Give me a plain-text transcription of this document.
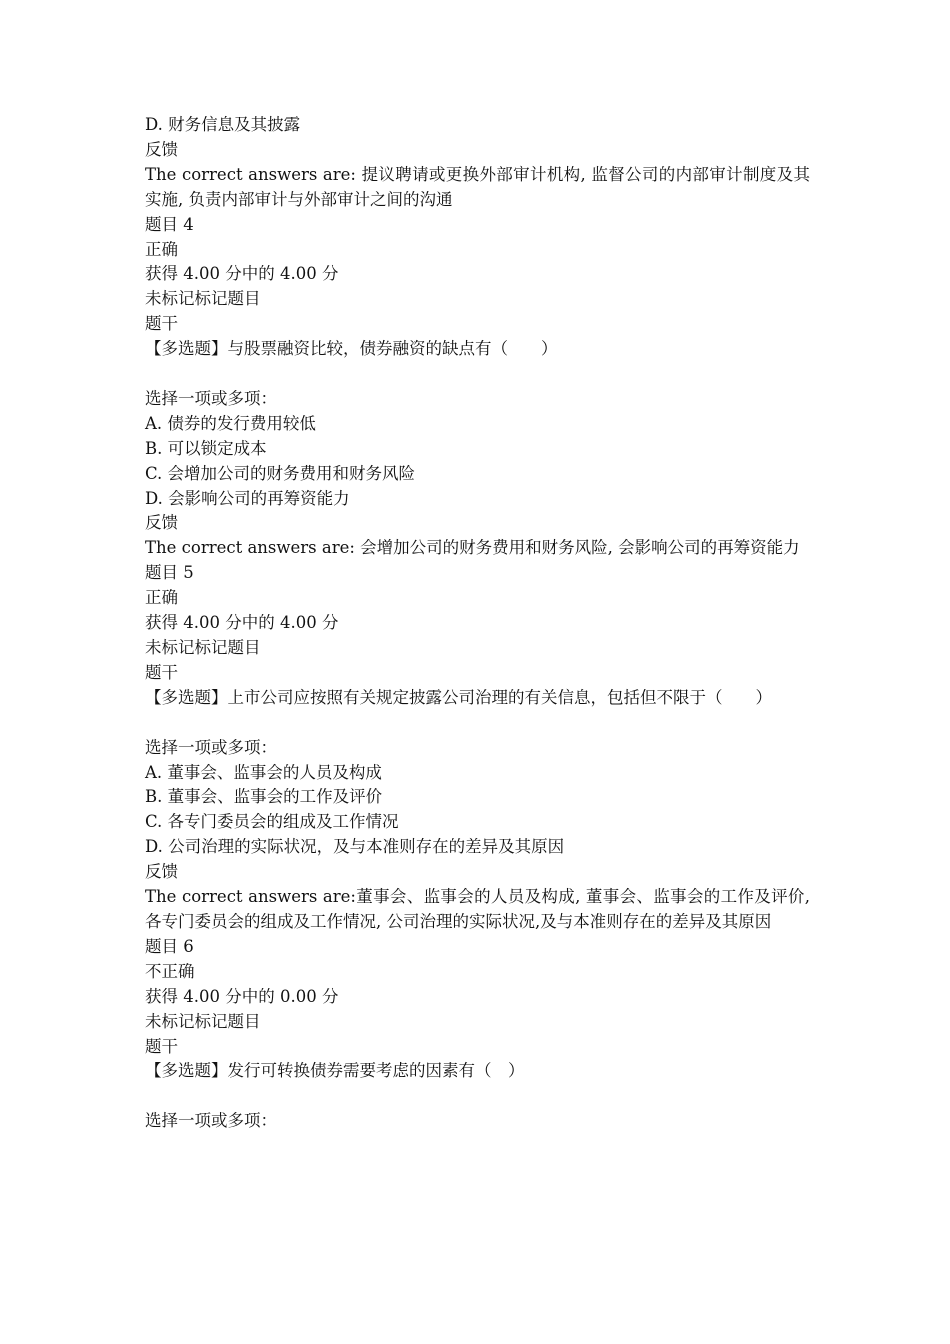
D. 财务信息及其披露
反馈
The correct answers are: 提议聘请或更换外部审计机构, 监督公司的内部审计制度及其实施, 负责内部审计与外部审计之间的沟通
题目 4
正确
获得 4.00 分中的 4.00 分
未标记标记题目
题干
【多选题】与股票融资比较，债券融资的缺点有（　　）
选择一项或多项：
A. 债券的发行费用较低
B. 可以锁定成本
C. 会增加公司的财务费用和财务风险
D. 会影响公司的再筹资能力
反馈
The correct answers are: 会增加公司的财务费用和财务风险, 会影响公司的再筹资能力
题目 5
正确
获得 4.00 分中的 4.00 分
未标记标记题目
题干
【多选题】上市公司应按照有关规定披露公司治理的有关信息，包括但不限于（　　）
选择一项或多项：
A. 董事会、监事会的人员及构成
B. 董事会、监事会的工作及评价
C. 各专门委员会的组成及工作情况
D. 公司治理的实际状况，及与本准则存在的差异及其原因
反馈
The correct answers are:董事会、监事会的人员及构成, 董事会、监事会的工作及评价, 各专门委员会的组成及工作情况, 公司治理的实际状况,及与本准则存在的差异及其原因
题目 6
不正确
获得 4.00 分中的 0.00 分
未标记标记题目
题干
【多选题】发行可转换债券需要考虑的因素有（　）
选择一项或多项：
